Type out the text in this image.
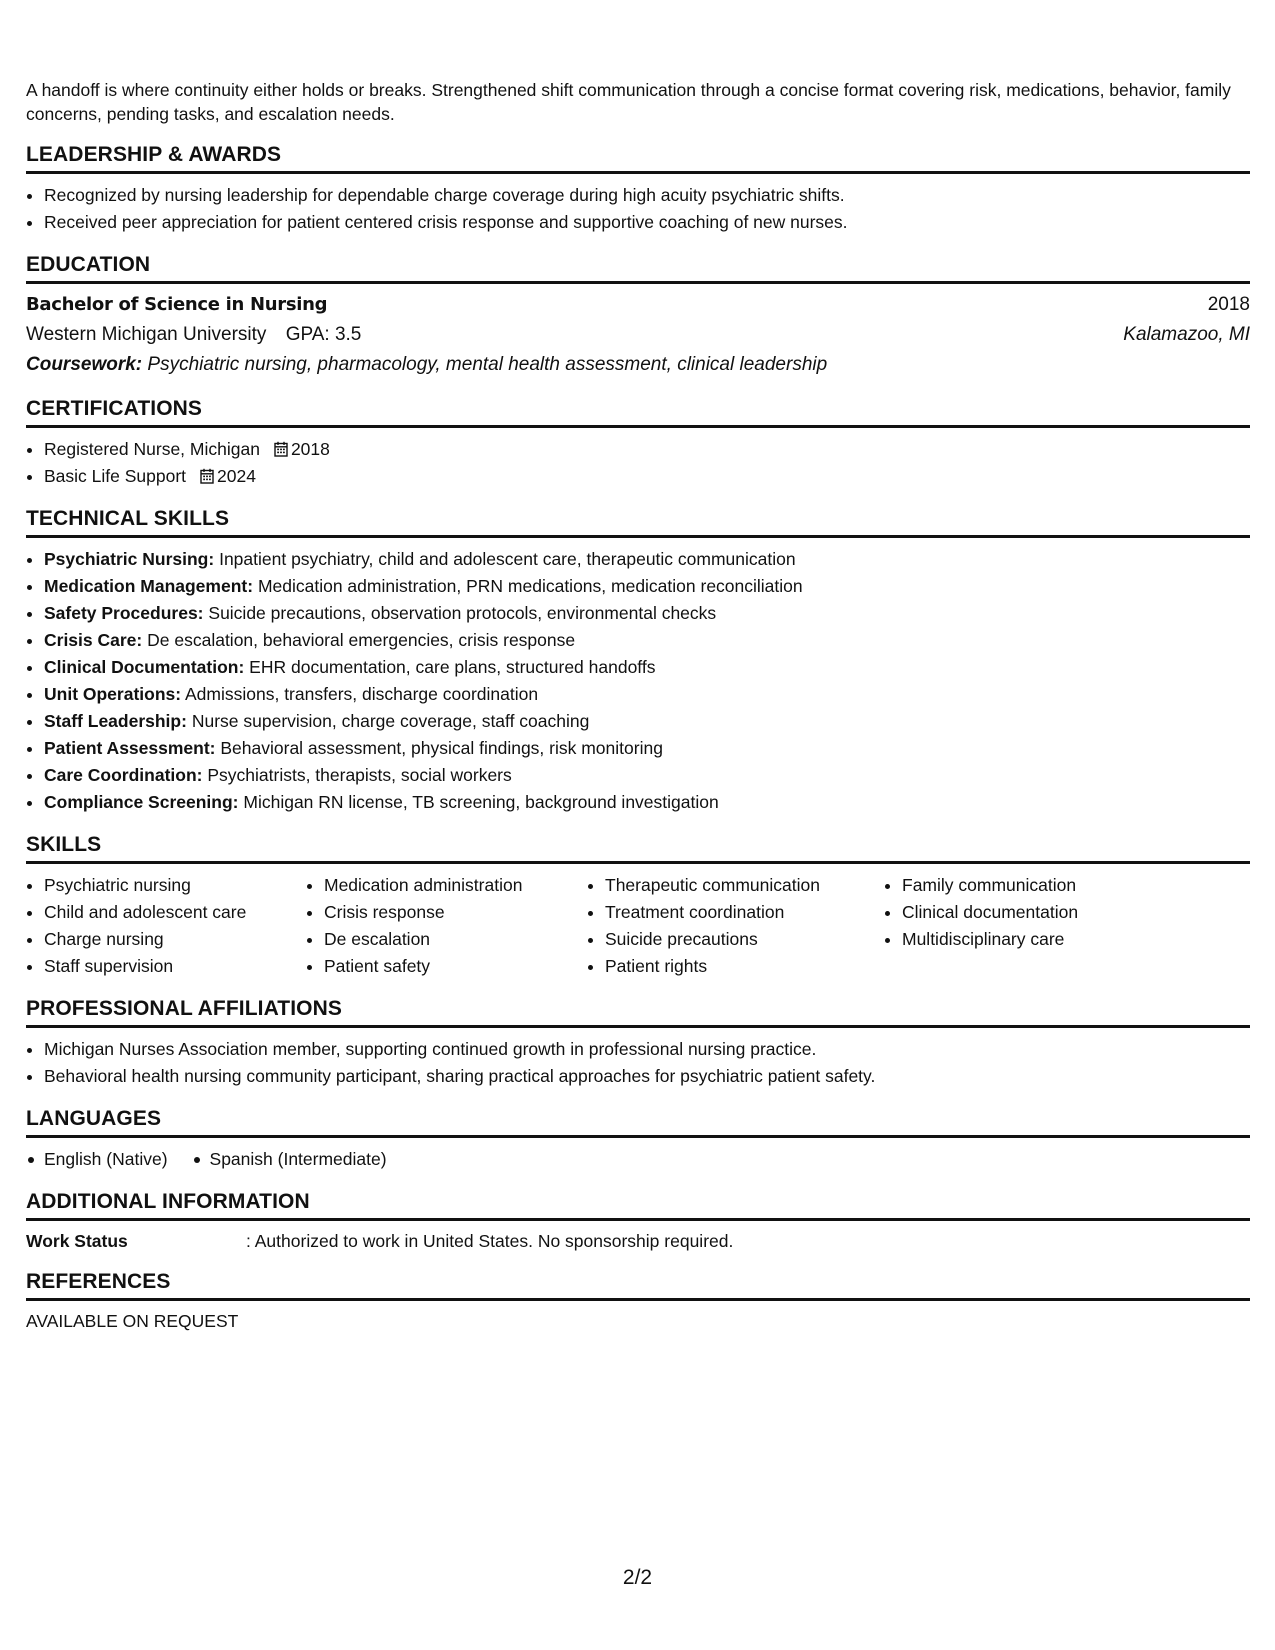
A handoff is where continuity either holds or breaks. Strengthened shift communication through a concise format covering risk, medications, behavior, family concerns, pending tasks, and escalation needs.

LEADERSHIP & AWARDS
• Recognized by nursing leadership for dependable charge coverage during high acuity psychiatric shifts.
• Received peer appreciation for patient centered crisis response and supportive coaching of new nurses.
EDUCATION
Bachelor of Science in Nursing	2018
Western Michigan University GPA: 3.5	Kalamazoo, MI
Coursework: Psychiatric nursing, pharmacology, mental health assessment, clinical leadership
CERTIFICATIONS
• Registered Nurse, Michigan 2018
• Basic Life Support 2024
TECHNICAL SKILLS
• Psychiatric Nursing: Inpatient psychiatry, child and adolescent care, therapeutic communication
• Medication Management: Medication administration, PRN medications, medication reconciliation
• Safety Procedures: Suicide precautions, observation protocols, environmental checks
• Crisis Care: De escalation, behavioral emergencies, crisis response
• Clinical Documentation: EHR documentation, care plans, structured handoffs
• Unit Operations: Admissions, transfers, discharge coordination
• Staff Leadership: Nurse supervision, charge coverage, staff coaching
• Patient Assessment: Behavioral assessment, physical findings, risk monitoring
• Care Coordination: Psychiatrists, therapists, social workers
• Compliance Screening: Michigan RN license, TB screening, background investigation
SKILLS
• Psychiatric nursing
• Child and adolescent care
• Charge nursing
• Staff supervision
• Medication administration
• Crisis response
• De escalation
• Patient safety
• Therapeutic communication
• Treatment coordination
• Suicide precautions
• Patient rights
• Family communication
• Clinical documentation
• Multidisciplinary care
PROFESSIONAL AFFILIATIONS
• Michigan Nurses Association member, supporting continued growth in professional nursing practice.
• Behavioral health nursing community participant, sharing practical approaches for psychiatric patient safety.
LANGUAGES
English (Native)	Spanish (Intermediate)
ADDITIONAL INFORMATION
Work Status	: Authorized to work in United States. No sponsorship required.
REFERENCES
AVAILABLE ON REQUEST
2/2
